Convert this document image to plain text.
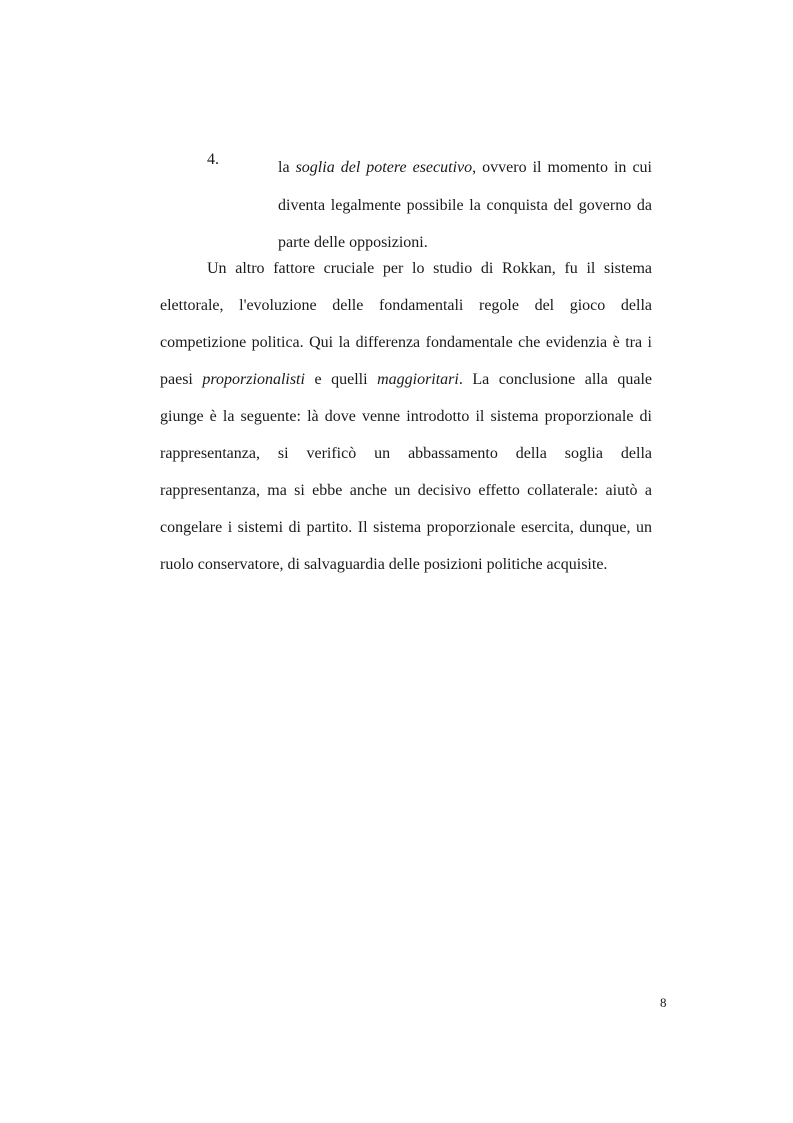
4.	la soglia del potere esecutivo, ovvero il momento in cui
diventa legalmente possibile la conquista del governo da
parte delle opposizioni.
Un altro fattore cruciale per lo studio di Rokkan, fu il sistema
elettorale, l'evoluzione delle fondamentali regole del gioco della
competizione politica. Qui la differenza fondamentale che evidenzia è tra i
paesi proporzionalisti e quelli maggioritari. La conclusione alla quale
giunge è la seguente: là dove venne introdotto il sistema proporzionale di
rappresentanza, si verificò un abbassamento della soglia della
rappresentanza, ma si ebbe anche un decisivo effetto collaterale: aiutò a
congelare i sistemi di partito. Il sistema proporzionale esercita, dunque, un
ruolo conservatore, di salvaguardia delle posizioni politiche acquisite.
8
